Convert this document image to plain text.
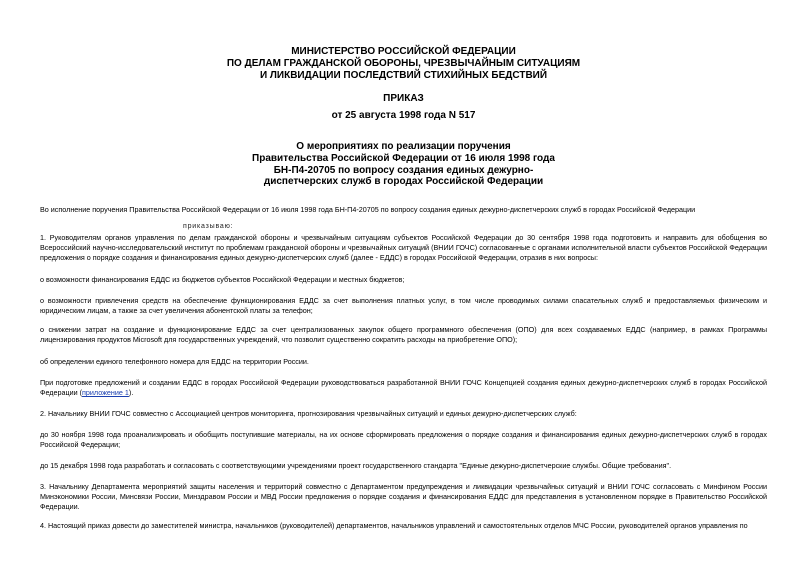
МИНИСТЕРСТВО РОССИЙСКОЙ ФЕДЕРАЦИИ
ПО ДЕЛАМ ГРАЖДАНСКОЙ ОБОРОНЫ, ЧРЕЗВЫЧАЙНЫМ СИТУАЦИЯМ
И ЛИКВИДАЦИИ ПОСЛЕДСТВИЙ СТИХИЙНЫХ БЕДСТВИЙ
ПРИКАЗ
от 25 августа 1998 года N 517
О мероприятиях по реализации поручения
Правительства Российской Федерации от 16 июля 1998 года
БН-П4-20705 по вопросу создания единых дежурно-
диспетчерских служб в городах Российской Федерации
Во исполнение поручения Правительства Российской Федерации от 16 июля 1998 года БН-П4-20705 по вопросу создания единых дежурно-диспетчерских служб в городах Российской Федерации
приказываю:
1. Руководителям органов управления по делам гражданской обороны и чрезвычайным ситуациям субъектов Российской Федерации до 30 сентября 1998 года подготовить и направить для обобщения во Всероссийский научно-исследовательский институт по проблемам гражданской обороны и чрезвычайных ситуаций (ВНИИ ГОЧС) согласованные с органами исполнительной власти субъектов Российской Федерации предложения о порядке создания и финансирования единых дежурно-диспетчерских служб (далее - ЕДДС) в городах Российской Федерации, отразив в них вопросы:
о возможности финансирования ЕДДС из бюджетов субъектов Российской Федерации и местных бюджетов;
о возможности привлечения средств на обеспечение функционирования ЕДДС за счет выполнения платных услуг, в том числе проводимых силами спасательных служб и предоставляемых физическим и юридическим лицам, а также за счет увеличения абонентской платы за телефон;
о снижении затрат на создание и функционирование ЕДДС за счет централизованных закупок общего программного обеспечения (ОПО) для всех создаваемых ЕДДС (например, в рамках Программы лицензирования продуктов Microsoft для государственных учреждений, что позволит существенно сократить расходы на приобретение ОПО);
об определении единого телефонного номера для ЕДДС на территории России.
При подготовке предложений и создании ЕДДС в городах Российской Федерации руководствоваться разработанной ВНИИ ГОЧС Концепцией создания единых дежурно-диспетчерских служб в городах Российской Федерации (приложение 1).
2. Начальнику ВНИИ ГОЧС совместно с Ассоциацией центров мониторинга, прогнозирования чрезвычайных ситуаций и единых дежурно-диспетчерских служб:
до 30 ноября 1998 года проанализировать и обобщить поступившие материалы, на их основе сформировать предложения о порядке создания и финансирования единых дежурно-диспетчерских служб в городах Российской Федерации;
до 15 декабря 1998 года разработать и согласовать с соответствующими учреждениями проект государственного стандарта "Единые дежурно-диспетчерские службы. Общие требования".
3. Начальнику Департамента мероприятий защиты населения и территорий совместно с Департаментом предупреждения и ликвидации чрезвычайных ситуаций и ВНИИ ГОЧС согласовать с Минфином России Минэкономики России, Минсвязи России, Минздравом России и МВД России предложения о порядке создания и финансирования ЕДДС для представления в установленном порядке в Правительство Российской Федерации.
4. Настоящий приказ довести до заместителей министра, начальников (руководителей) департаментов, начальников управлений и самостоятельных отделов МЧС России, руководителей органов управления по
